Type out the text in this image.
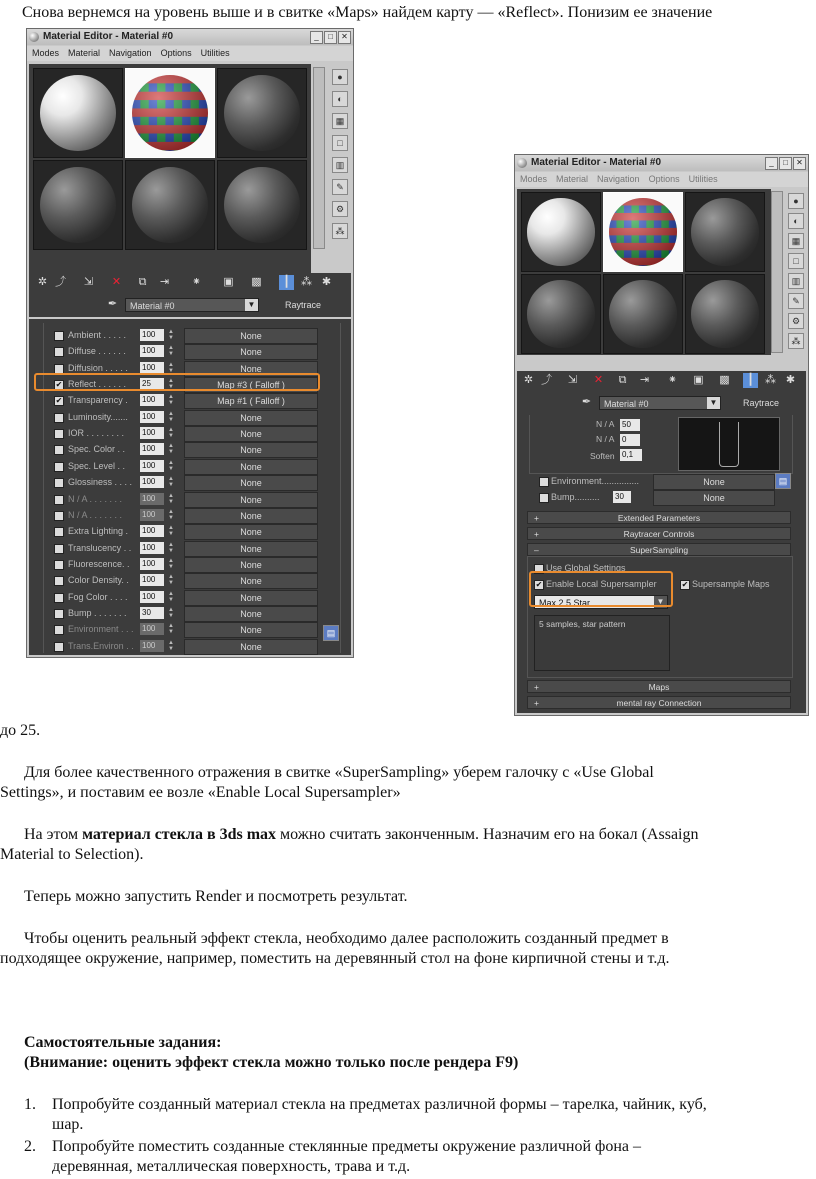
Снова вернемся на уровень выше и в свитке «Maps» найдем карту — «Reflect». Понизим ее значение
Material Editor - Material #0	_	□	✕
Modes Material Navigation Options Utilities
●
◐
▦
□
▥
✎
⚙
⁂
✲ ⤴ ⇲ ✕	⧉	⇥ ⁕ ▣ ▩	┃	⁂ ✱
✒	Material #0	▼	Raytrace
Ambient . . . . . 100	▲
▼	None
Diffuse . . . . . . 100	▲
▼	None
Diffusion . . . . . 100	▲
▼	None
✔ Reflect . . . . . . 25	▲
▼	Map #3 ( Falloff )
✔ Transparency . 100	▲
▼	Map #1 ( Falloff )
Luminosity....... 100	▲
▼	None
IOR . . . . . . . . 100	▲
▼	None
Spec. Color . . 100	▲
▼	None
Spec. Level . . 100	▲
▼	None
Glossiness . . . . 100	▲
▼	None
N / A . . . . . . . 100	▲
▼	None
N / A . . . . . . . 100	▲
▼	None
Extra Lighting . 100	▲
▼	None
Translucency . . 100	▲
▼	None
Fluorescence. . 100	▲
▼	None
Color Density. . 100	▲
▼	None
Fog Color . . . . 100	▲
▼	None
Bump . . . . . . . 30	▲
▼	None
Environment . . . 100	▲
▼	None
Trans.Environ . . 100	▲
▼	None
▤
Material Editor - Material #0	_	□	✕
Modes Material Navigation Options Utilities
●
◐
▦
□
▥
✎
⚙
⁂
✲ ⤴ ⇲ ✕	⧉	⇥ ⁕ ▣ ▩	┃	⁂ ✱
✒	Material #0	▼	Raytrace
N / A 50
N / A 0
Soften 0,1
Environment...............	None	▤
Bump.......... 30	None
+	Extended Parameters
+	Raytracer Controls
–	SuperSampling
Use Global Settings
✔ Enable Local Supersampler	✔ Supersample Maps
Max 2.5 Star	▼
5 samples, star pattern
+	Maps
+	mental ray Connection
до 25.
Для более качественного отражения в свитке «SuperSampling» уберем галочку с «Use Global
Settings», и поставим ее возле «Enable Local Supersampler»
На этом материал стекла в 3ds max можно считать законченным. Назначим его на бокал (Assaign
Material to Selection).
Теперь можно запустить Render и посмотреть результат.
Чтобы оценить реальный эффект стекла, необходимо далее расположить созданный предмет в
подходящее окружение, например, поместить на деревянный стол на фоне кирпичной стены и т.д.
Самостоятельные задания:
(Внимание: оценить эффект стекла можно только после рендера F9)
1. Попробуйте созданный материал стекла на предметах различной формы – тарелка, чайник, куб,
шар.
2. Попробуйте поместить созданные стеклянные предметы окружение различной фона –
деревянная, металлическая поверхность, трава и т.д.
